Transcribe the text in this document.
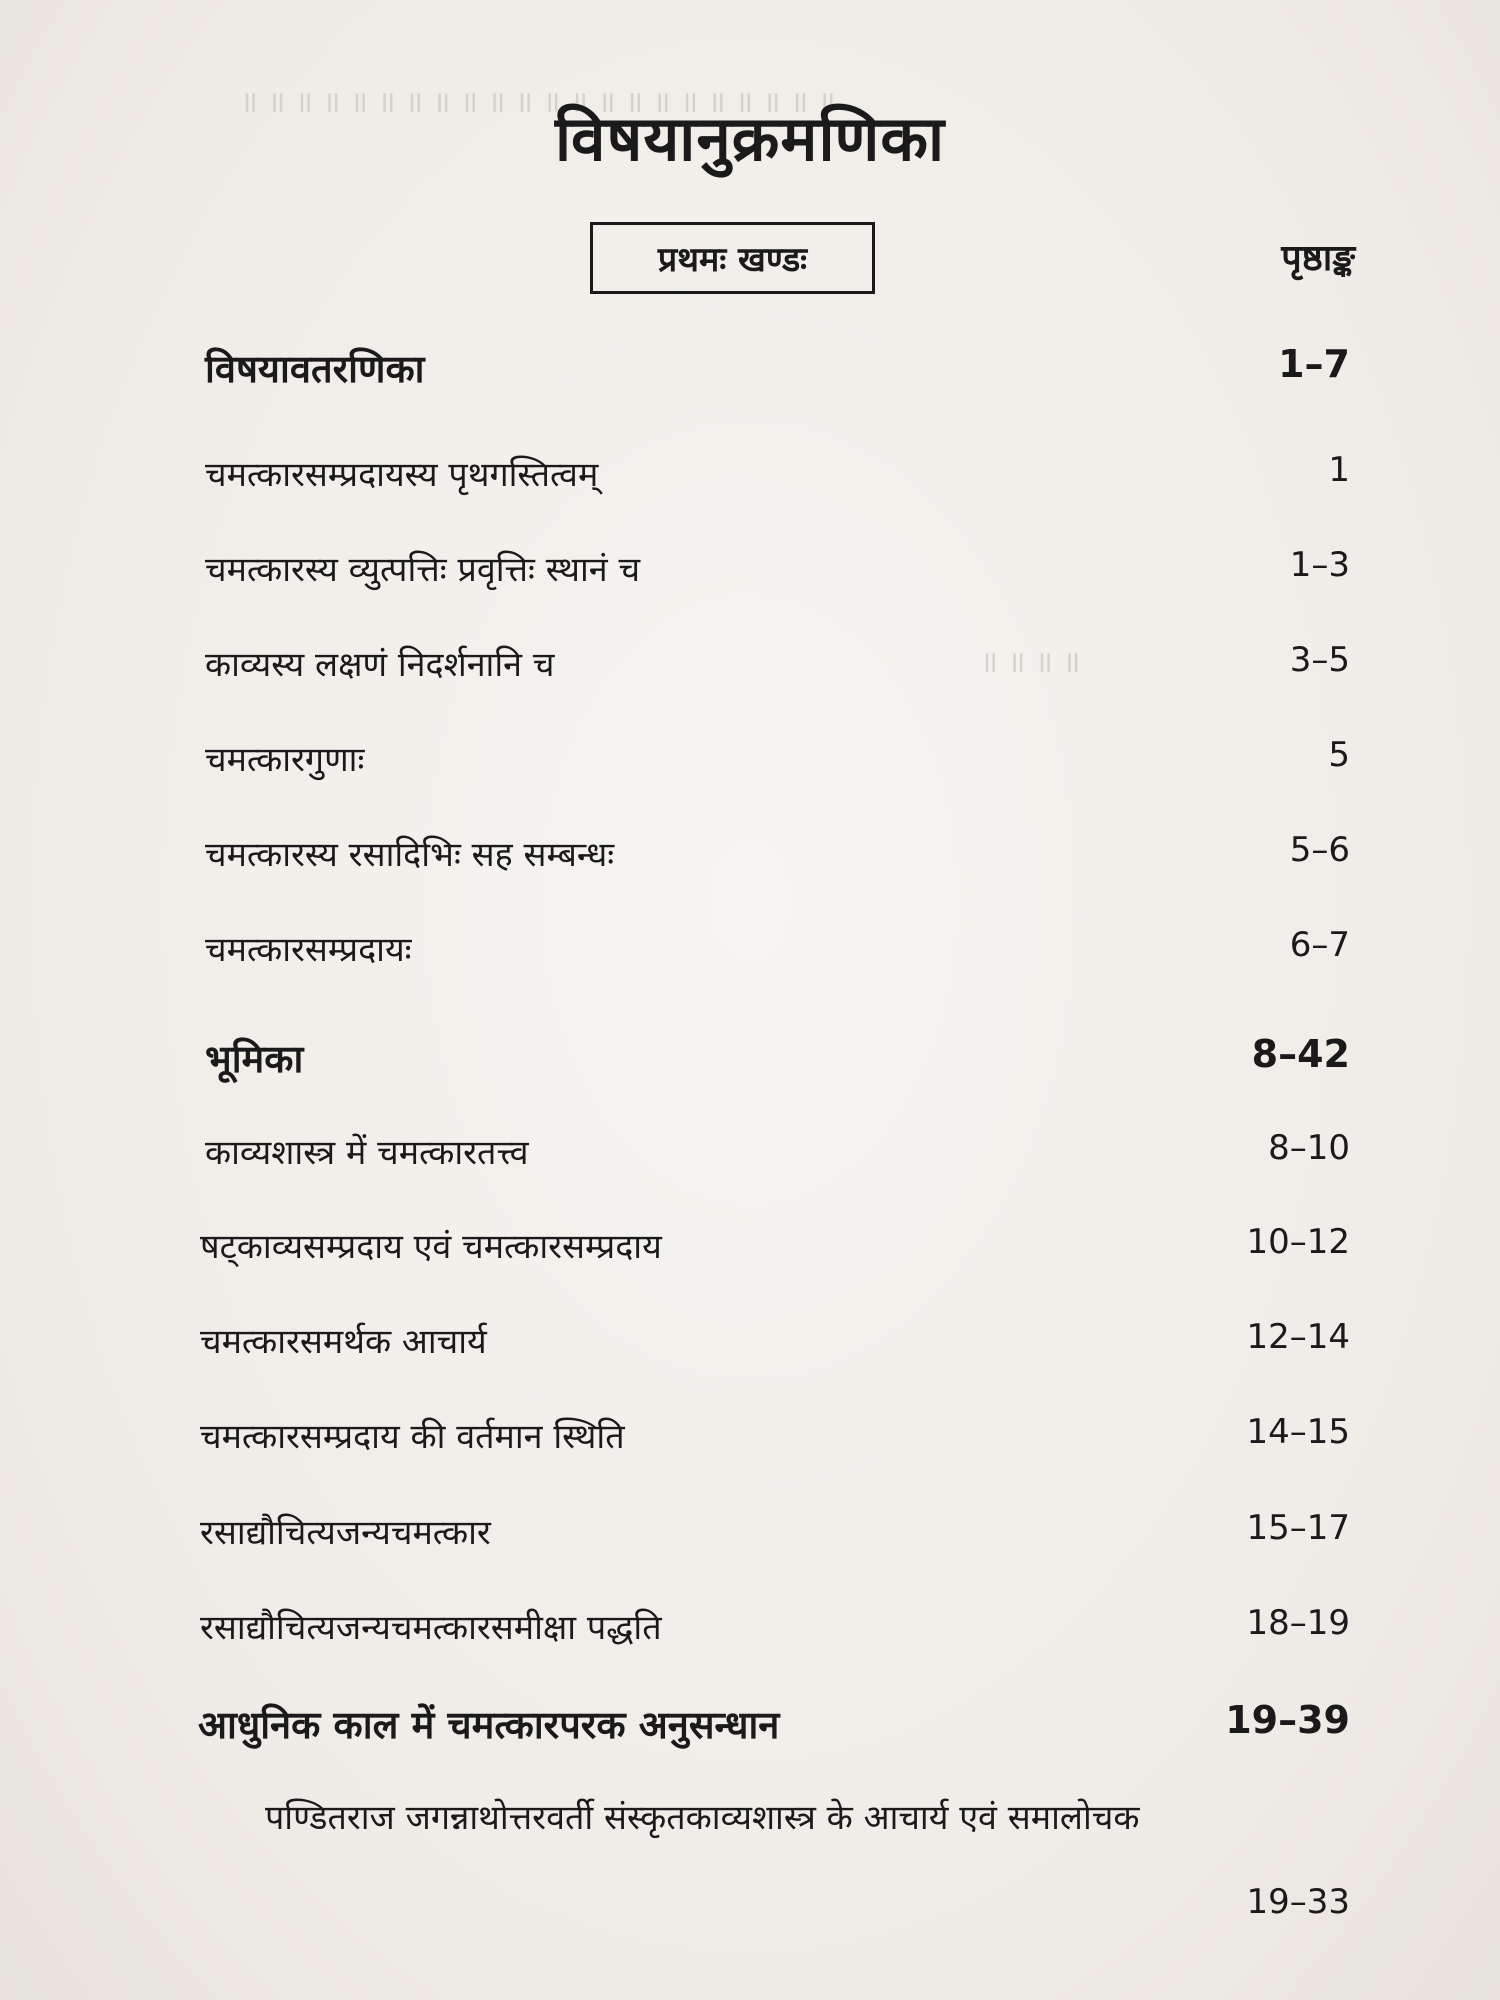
॥ ॥ ॥ ॥ ॥ ॥ ॥ ॥ ॥ ॥ ॥ ॥ ॥ ॥ ॥ ॥ ॥ ॥ ॥ ॥ ॥ ॥
॥ ॥ ॥ ॥
विषयानुक्रमणिका
प्रथमः खण्डः	पृष्ठाङ्क
विषयावतरणिका	1–7
चमत्कारसम्प्रदायस्य पृथगस्तित्वम्	1
चमत्कारस्य व्युत्पत्तिः प्रवृत्तिः स्थानं च	1–3
काव्यस्य लक्षणं निदर्शनानि च	3–5
चमत्कारगुणाः	5
चमत्कारस्य रसादिभिः सह सम्बन्धः	5–6
चमत्कारसम्प्रदायः	6–7
भूमिका	8–42
काव्यशास्त्र में चमत्कारतत्त्व	8–10
षट्काव्यसम्प्रदाय एवं चमत्कारसम्प्रदाय	10–12
चमत्कारसमर्थक आचार्य	12–14
चमत्कारसम्प्रदाय की वर्तमान स्थिति	14–15
रसाद्यौचित्यजन्यचमत्कार	15–17
रसाद्यौचित्यजन्यचमत्कारसमीक्षा पद्धति	18–19
आधुनिक काल में चमत्कारपरक अनुसन्धान	19–39
पण्डितराज जगन्नाथोत्तरवर्ती संस्कृतकाव्यशास्त्र के आचार्य एवं समालोचक
19–33
